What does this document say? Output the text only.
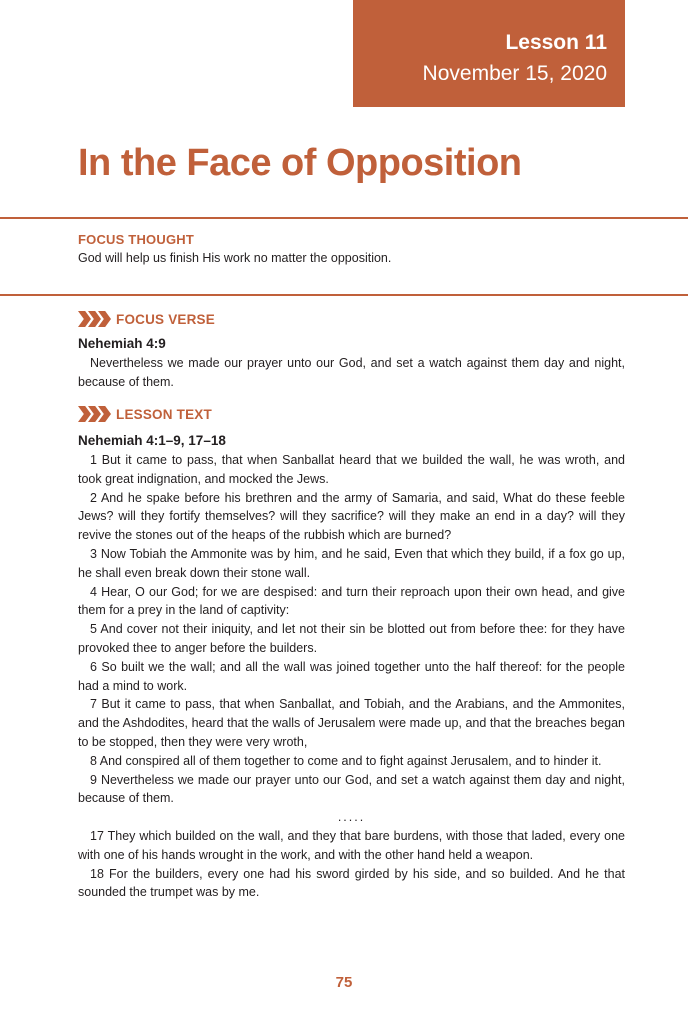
Lesson 11
November 15, 2020
In the Face of Opposition
FOCUS THOUGHT
God will help us finish His work no matter the opposition.
FOCUS VERSE
Nehemiah 4:9

Nevertheless we made our prayer unto our God, and set a watch against them day and night, because of them.

LESSON TEXT
Nehemiah 4:1–9, 17–18

1 But it came to pass, that when Sanballat heard that we builded the wall, he was wroth, and took great indignation, and mocked the Jews.

2 And he spake before his brethren and the army of Samaria, and said, What do these feeble Jews? will they fortify themselves? will they sacrifice? will they make an end in a day? will they revive the stones out of the heaps of the rubbish which are burned?

3 Now Tobiah the Ammonite was by him, and he said, Even that which they build, if a fox go up, he shall even break down their stone wall.

4 Hear, O our God; for we are despised: and turn their reproach upon their own head, and give them for a prey in the land of captivity:

5 And cover not their iniquity, and let not their sin be blotted out from before thee: for they have provoked thee to anger before the builders.

6 So built we the wall; and all the wall was joined together unto the half thereof: for the people had a mind to work.

7 But it came to pass, that when Sanballat, and Tobiah, and the Arabians, and the Ammonites, and the Ashdodites, heard that the walls of Jerusalem were made up, and that the breaches began to be stopped, then they were very wroth,

8 And conspired all of them together to come and to fight against Jerusalem, and to hinder it.

9 Nevertheless we made our prayer unto our God, and set a watch against them day and night, because of them.

.....

17 They which builded on the wall, and they that bare burdens, with those that laded, every one with one of his hands wrought in the work, and with the other hand held a weapon.

18 For the builders, every one had his sword girded by his side, and so builded. And he that sounded the trumpet was by me.

75
